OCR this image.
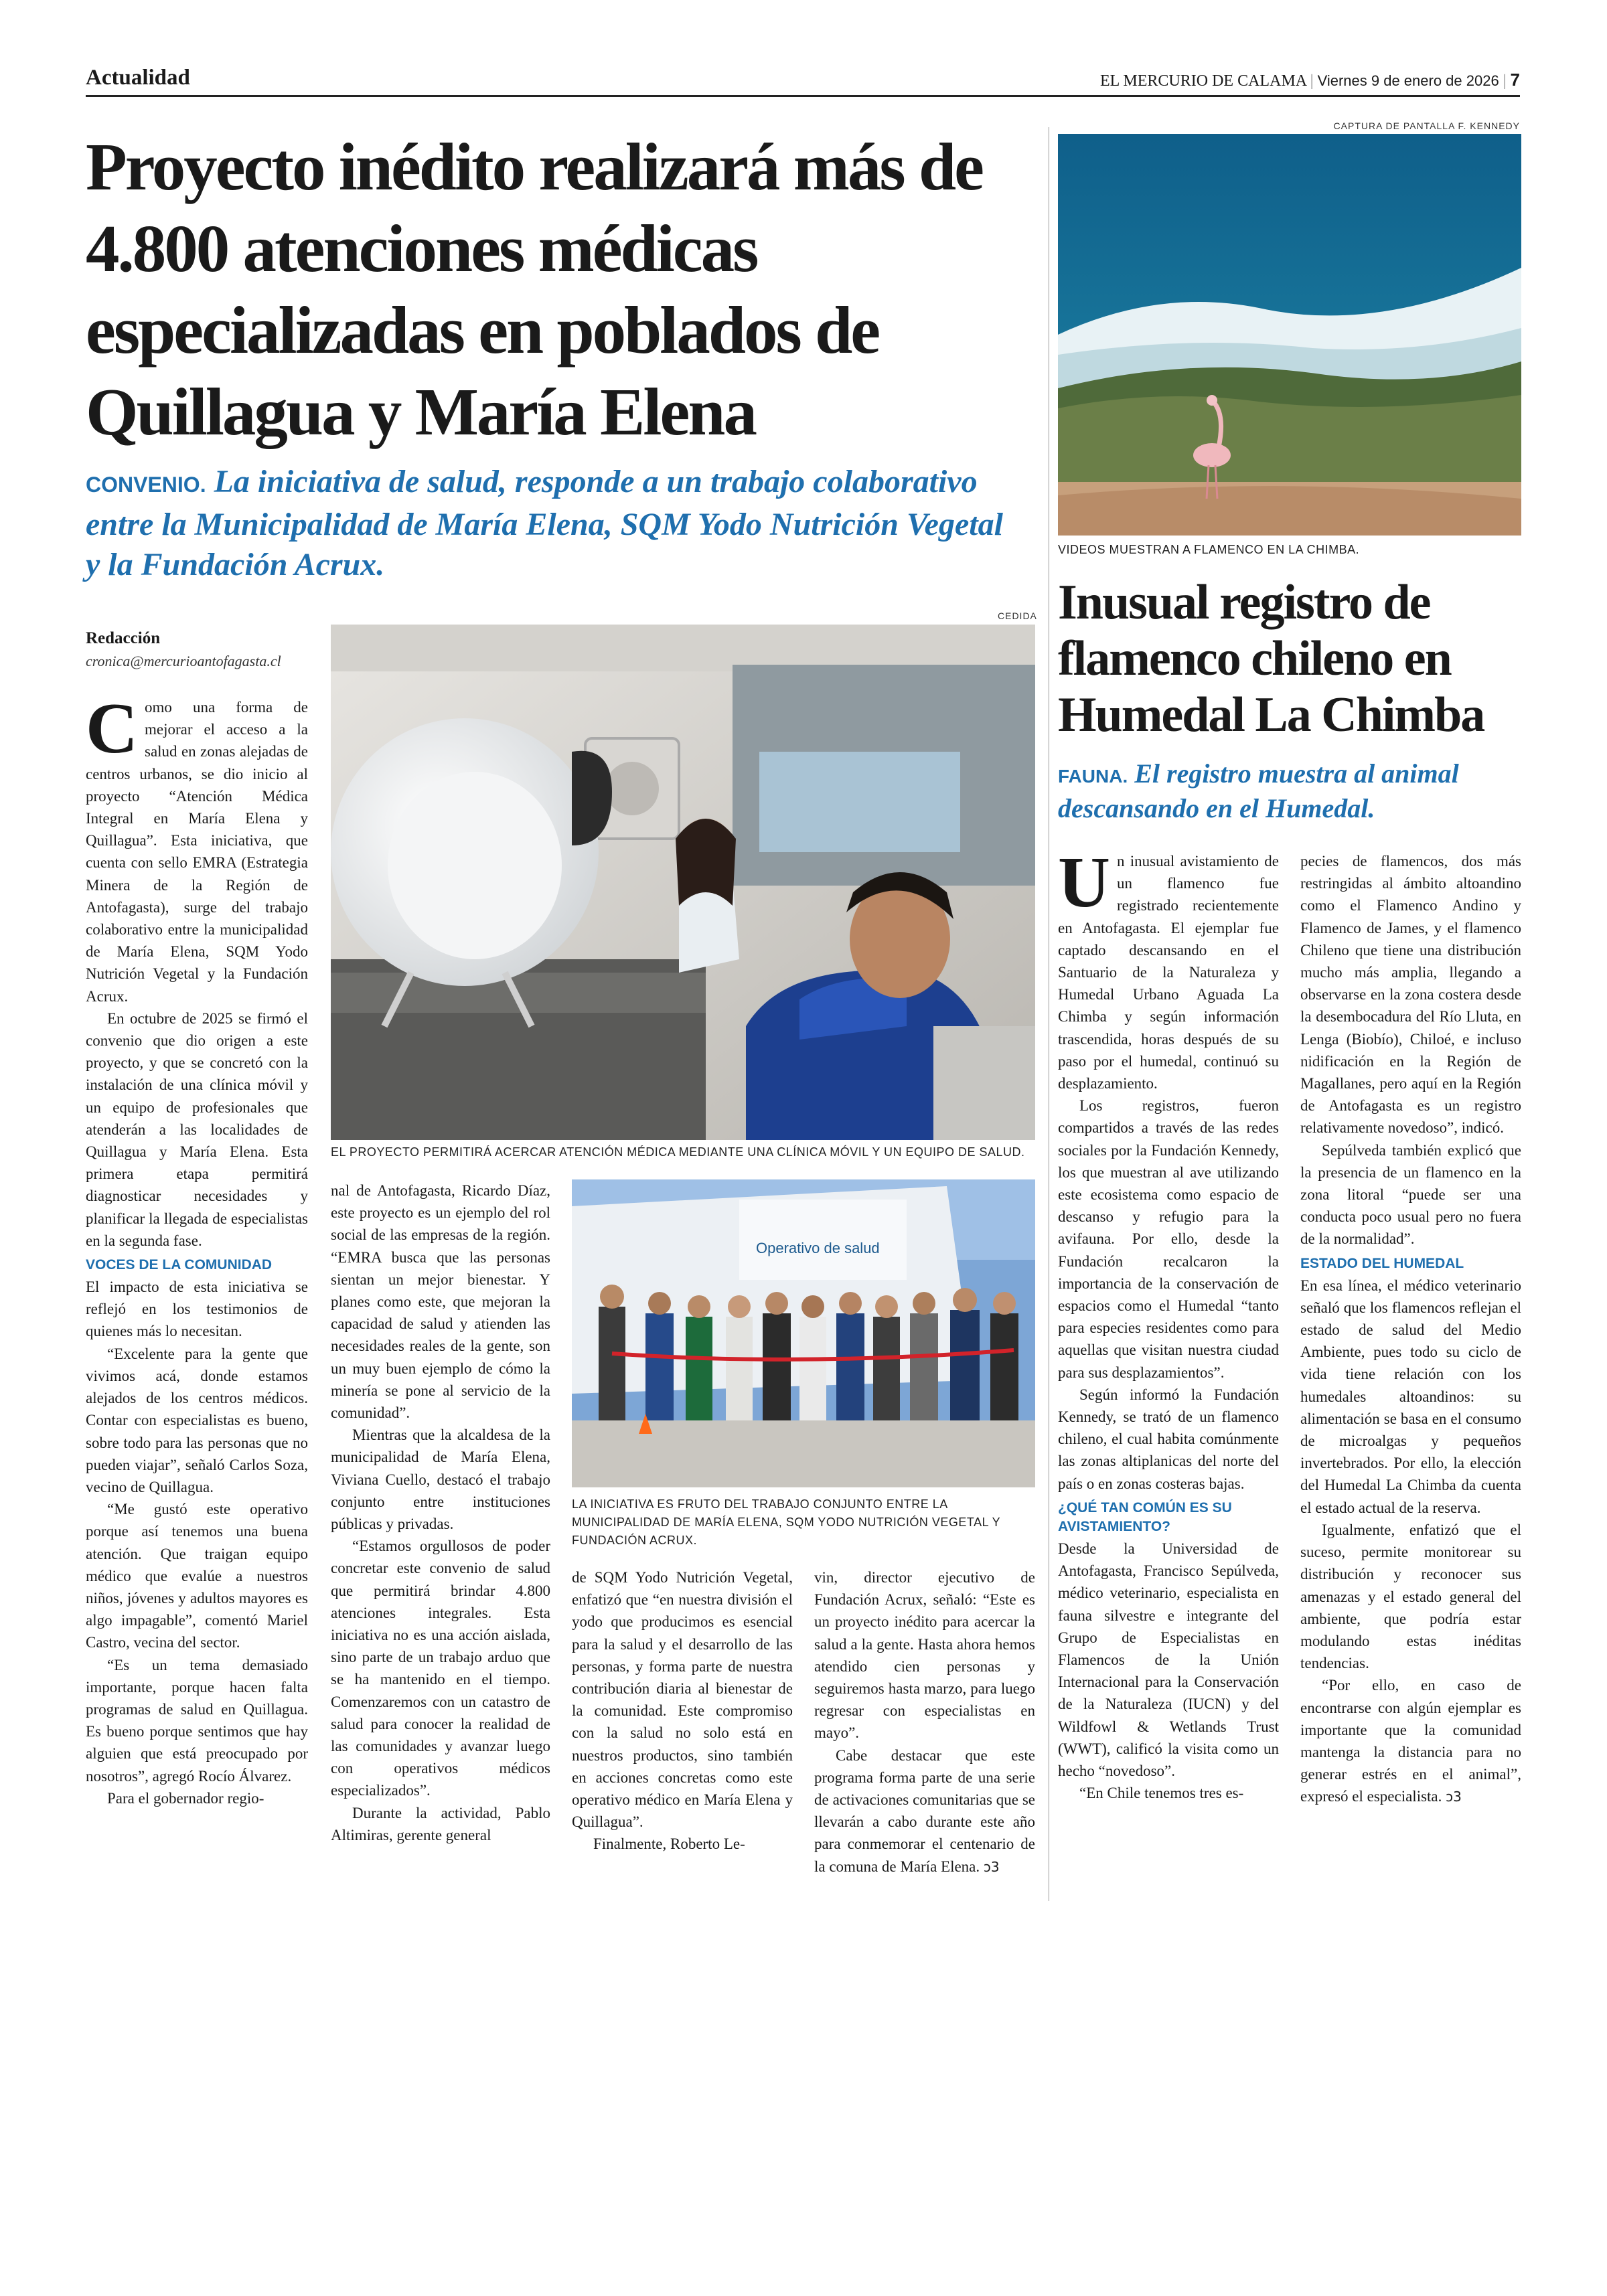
Actualidad	EL MERCURIO DE CALAMA | Viernes 9 de enero de 2026 | 7
Proyecto inédito realizará más de 4.800 atenciones médicas especializadas en poblados de Quillagua y María Elena
CONVENIO. La iniciativa de salud, responde a un trabajo colaborativo entre la Municipalidad de María Elena, SQM Yodo Nutrición Vegetal y la Fundación Acrux.
Redacción
cronica@mercurioantofagasta.cl
CEDIDA
EL PROYECTO PERMITIRÁ ACERCAR ATENCIÓN MÉDICA MEDIANTE UNA CLÍNICA MÓVIL Y UN EQUIPO DE SALUD.
Operativo de salud
LA INICIATIVA ES FRUTO DEL TRABAJO CONJUNTO ENTRE LA MUNICIPALIDAD DE MARÍA ELENA, SQM YODO NUTRICIÓN VEGETAL Y FUNDACIÓN ACRUX.

Como una forma de mejorar el acceso a la salud en zonas alejadas de centros urbanos, se dio inicio al proyecto “Atención Médica Integral en María Elena y Quillagua”. Esta iniciativa, que cuenta con sello EMRA (Estrategia Minera de la Región de Antofagasta), surge del trabajo colaborativo entre la municipalidad de María Elena, SQM Yodo Nutrición Vegetal y la Fundación Acrux.

En octubre de 2025 se firmó el convenio que dio origen a este proyecto, y que se concretó con la instalación de una clínica móvil y un equipo de profesionales que atenderán a las localidades de Quillagua y María Elena. Esta primera etapa permitirá diagnosticar necesidades y planificar la llegada de especialistas en la segunda fase.

VOCES DE LA COMUNIDAD

El impacto de esta iniciativa se reflejó en los testimonios de quienes más lo necesitan.

“Excelente para la gente que vivimos acá, donde estamos alejados de los centros médicos. Contar con especialistas es bueno, sobre todo para las personas que no pueden viajar”, señaló Carlos Soza, vecino de Quillagua.

“Me gustó este operativo porque así tenemos una buena atención. Que traigan equipo médico que evalúe a nuestros niños, jóvenes y adultos mayores es algo impagable”, comentó Mariel Castro, vecina del sector.

“Es un tema demasiado importante, porque hacen falta programas de salud en Quillagua. Es bueno porque sentimos que hay alguien que está preocupado por nosotros”, agregó Rocío Álvarez.

Para el gobernador regio-

nal de Antofagasta, Ricardo Díaz, este proyecto es un ejemplo del rol social de las empresas de la región. “EMRA busca que las personas sientan un mejor bienestar. Y planes como este, que mejoran la capacidad de salud y atienden las necesidades reales de la gente, son un muy buen ejemplo de cómo la minería se pone al servicio de la comunidad”.

Mientras que la alcaldesa de la municipalidad de María Elena, Viviana Cuello, destacó el trabajo conjunto entre instituciones públicas y privadas.

“Estamos orgullosos de poder concretar este convenio de salud que permitirá brindar 4.800 atenciones integrales. Esta iniciativa no es una acción aislada, sino parte de un trabajo arduo que se ha mantenido en el tiempo. Comenzaremos con un catastro de salud para conocer la realidad de las comunidades y avanzar luego con operativos médicos especializados”.

Durante la actividad, Pablo Altimiras, gerente general

de SQM Yodo Nutrición Vegetal, enfatizó que “en nuestra división el yodo que producimos es esencial para la salud y el desarrollo de las personas, y forma parte de nuestra contribución diaria al bienestar de la comunidad. Este compromiso con la salud no solo está en nuestros productos, sino también en acciones concretas como este operativo médico en María Elena y Quillagua”.

Finalmente, Roberto Le-

vin, director ejecutivo de Fundación Acrux, señaló: “Este es un proyecto inédito para acercar la salud a la gente. Hasta ahora hemos atendido cien personas y seguiremos hasta marzo, para luego regresar con especialistas en mayo”.

Cabe destacar que este programa forma parte de una serie de activaciones comunitarias que se llevarán a cabo durante este año para conmemorar el centenario de la comuna de María Elena. ↄ3

CAPTURA DE PANTALLA F. KENNEDY
VIDEOS MUESTRAN A FLAMENCO EN LA CHIMBA.
Inusual registro de flamenco chileno en Humedal La Chimba
FAUNA. El registro muestra al animal descansando en el Humedal.

Un inusual avistamiento de un flamenco fue registrado recientemente en Antofagasta. El ejemplar fue captado descansando en el Santuario de la Naturaleza y Humedal Urbano Aguada La Chimba y según información trascendida, horas después de su paso por el humedal, continuó su desplazamiento.

Los registros, fueron compartidos a través de las redes sociales por la Fundación Kennedy, los que muestran al ave utilizando este ecosistema como espacio de descanso y refugio para la avifauna. Por ello, desde la Fundación recalcaron la importancia de la conservación de espacios como el Humedal “tanto para especies residentes como para aquellas que visitan nuestra ciudad para sus desplazamientos”.

Según informó la Fundación Kennedy, se trató de un flamenco chileno, el cual habita comúnmente las zonas altiplanicas del norte del país o en zonas costeras bajas.

¿QUÉ TAN COMÚN ES SU AVISTAMIENTO?

Desde la Universidad de Antofagasta, Francisco Sepúlveda, médico veterinario, especialista en fauna silvestre e integrante del Grupo de Especialistas en Flamencos de la Unión Internacional para la Conservación de la Naturaleza (IUCN) y del Wildfowl & Wetlands Trust (WWT), calificó la visita como un hecho “novedoso”.

“En Chile tenemos tres es-

pecies de flamencos, dos más restringidas al ámbito altoandino como el Flamenco Andino y Flamenco de James, y el flamenco Chileno que tiene una distribución mucho más amplia, llegando a observarse en la zona costera desde la desembocadura del Río Lluta, en Lenga (Biobío), Chiloé, e incluso nidificación en la Región de Magallanes, pero aquí en la Región de Antofagasta es un registro relativamente novedoso”, indicó.

Sepúlveda también explicó que la presencia de un flamenco en la zona litoral “puede ser una conducta poco usual pero no fuera de la normalidad”.

ESTADO DEL HUMEDAL

En esa línea, el médico veterinario señaló que los flamencos reflejan el estado de salud del Medio Ambiente, pues todo su ciclo de vida tiene relación con los humedales altoandinos: su alimentación se basa en el consumo de microalgas y pequeños invertebrados. Por ello, la elección del Humedal La Chimba da cuenta el estado actual de la reserva.

Igualmente, enfatizó que el suceso, permite monitorear su distribución y reconocer sus amenazas y el estado general del ambiente, que podría estar modulando estas inéditas tendencias.

“Por ello, en caso de encontrarse con algún ejemplar es importante que la comunidad mantenga la distancia para no generar estrés en el animal”, expresó el especialista. ↄ3
